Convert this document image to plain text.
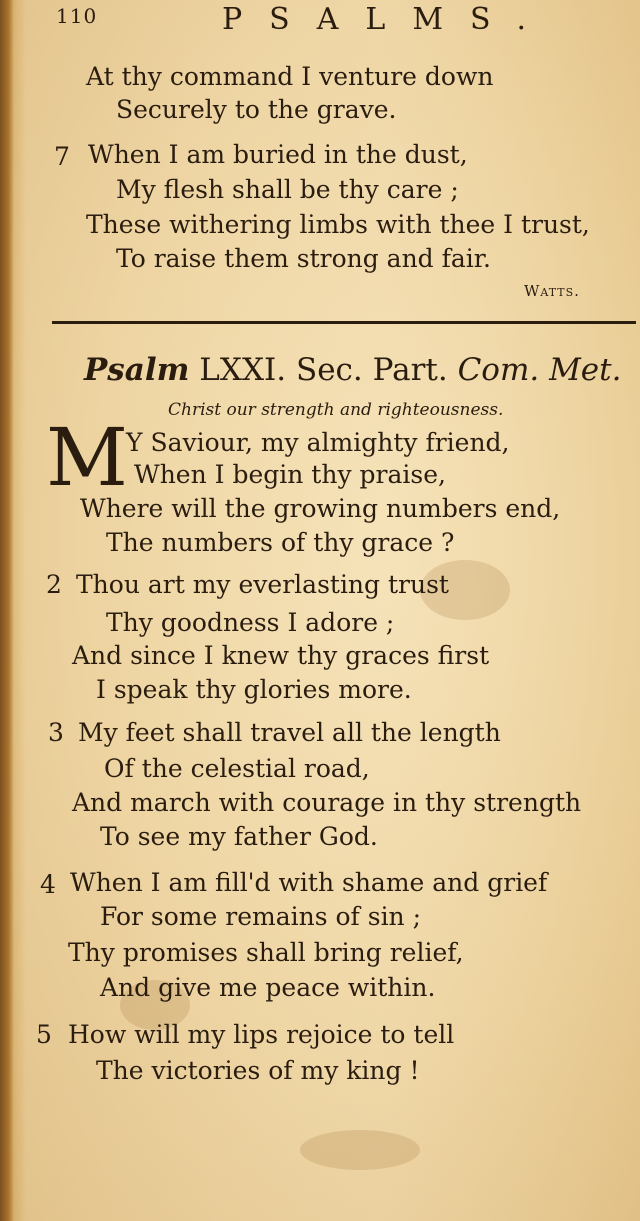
110	PSALMS.
At thy command I venture down
Securely to the grave.
7 When I am buried in the dust,
My flesh shall be thy care ;
These withering limbs with thee I trust,
To raise them strong and fair.
Watts.
Psalm LXXI. Sec. Part. Com. Met.
Christ our strength and righteousness.
M
Y Saviour, my almighty friend,
When I begin thy praise,
Where will the growing numbers end,
The numbers of thy grace ?
2 Thou art my everlasting trust
Thy goodness I adore ;
And since I knew thy graces first
I speak thy glories more.
3 My feet shall travel all the length
Of the celestial road,
And march with courage in thy strength
To see my father God.
4 When I am fill'd with shame and grief
For some remains of sin ;
Thy promises shall bring relief,
And give me peace within.
5 How will my lips rejoice to tell
The victories of my king !
